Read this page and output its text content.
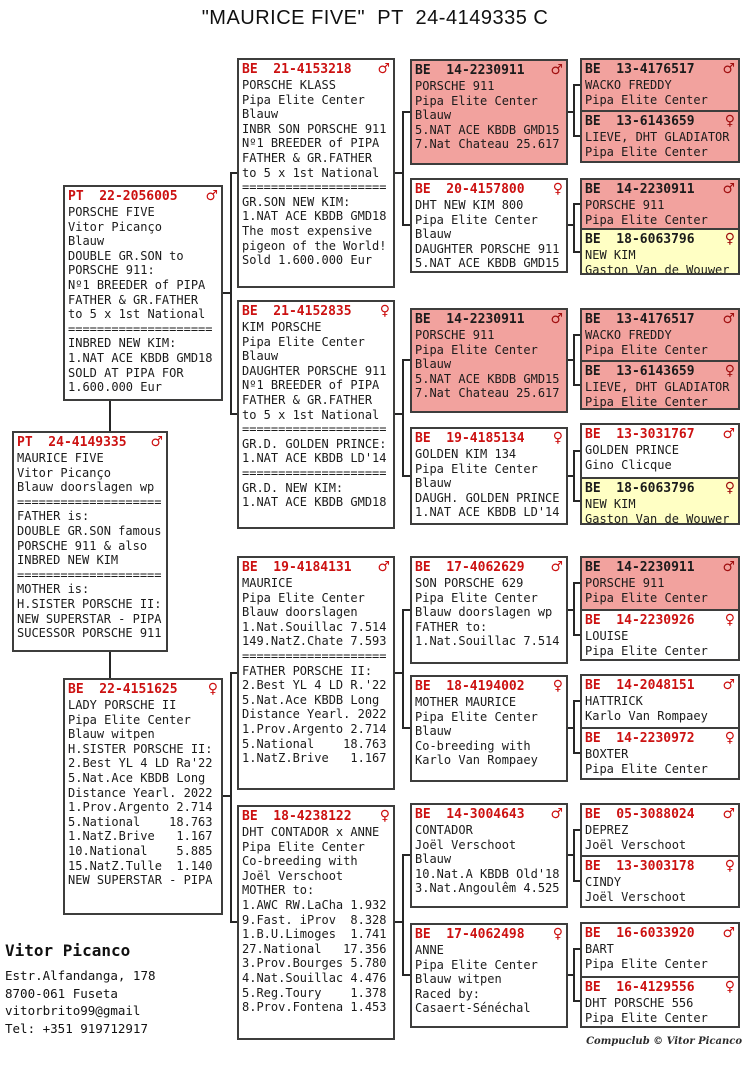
"MAURICE FIVE"  PT  24-4149335 C
PT  22-2056005 ♂
PORSCHE FIVE
Vitor Picanço
Blauw
DOUBLE GR.SON to
PORSCHE 911:
Nº1 BREEDER of PIPA
FATHER & GR.FATHER
to 5 x 1st National
====================
INBRED NEW KIM:
1.NAT ACE KBDB GMD18
SOLD AT PIPA FOR
1.600.000 Eur
PT  24-4149335 ♂
MAURICE FIVE
Vitor Picanço
Blauw doorslagen wp
====================
FATHER is:
DOUBLE GR.SON famous
PORSCHE 911 & also
INBRED NEW KIM
====================
MOTHER is:
H.SISTER PORSCHE II:
NEW SUPERSTAR - PIPA
SUCESSOR PORSCHE 911
BE  22-4151625 ♀
LADY PORSCHE II
Pipa Elite Center
Blauw witpen
H.SISTER PORSCHE II:
2.Best YL 4 LD Ra'22
5.Nat.Ace KBDB Long
Distance Yearl. 2022
1.Prov.Argento 2.714
5.National    18.763
1.NatZ.Brive   1.167
10.National    5.885
15.NatZ.Tulle  1.140
NEW SUPERSTAR - PIPA
BE  21-4153218 ♂
PORSCHE KLASS
Pipa Elite Center
Blauw
INBR SON PORSCHE 911
Nº1 BREEDER of PIPA
FATHER & GR.FATHER
to 5 x 1st National
====================
GR.SON NEW KIM:
1.NAT ACE KBDB GMD18
The most expensive
pigeon of the World!
Sold 1.600.000 Eur
BE  21-4152835 ♀
KIM PORSCHE
Pipa Elite Center
Blauw
DAUGHTER PORSCHE 911
Nº1 BREEDER of PIPA
FATHER & GR.FATHER
to 5 x 1st National
====================
GR.D. GOLDEN PRINCE:
1.NAT ACE KBDB LD'14
====================
GR.D. NEW KIM:
1.NAT ACE KBDB GMD18
BE  19-4184131 ♂
MAURICE
Pipa Elite Center
Blauw doorslagen
1.Nat.Souillac 7.514
149.NatZ.Chate 7.593
====================
FATHER PORSCHE II:
2.Best YL 4 LD R.'22
5.Nat.Ace KBDB Long
Distance Yearl. 2022
1.Prov.Argento 2.714
5.National    18.763
1.NatZ.Brive   1.167
BE  18-4238122 ♀
DHT CONTADOR x ANNE
Pipa Elite Center
Co-breeding with
Joël Verschoot
MOTHER to:
1.AWC RW.LaCha 1.932
9.Fast. iProv  8.328
1.B.U.Limoges  1.741
27.National   17.356
3.Prov.Bourges 5.780
4.Nat.Souillac 4.476
5.Reg.Toury    1.378
8.Prov.Fontena 1.453
BE  14-2230911 ♂
PORSCHE 911
Pipa Elite Center
Blauw
5.NAT ACE KBDB GMD15
7.Nat Chateau 25.617
BE  20-4157800 ♀
DHT NEW KIM 800
Pipa Elite Center
Blauw
DAUGHTER PORSCHE 911
5.NAT ACE KBDB GMD15
BE  14-2230911 ♂
PORSCHE 911
Pipa Elite Center
Blauw
5.NAT ACE KBDB GMD15
7.Nat Chateau 25.617
BE  19-4185134 ♀
GOLDEN KIM 134
Pipa Elite Center
Blauw
DAUGH. GOLDEN PRINCE
1.NAT ACE KBDB LD'14
BE  17-4062629 ♂
SON PORSCHE 629
Pipa Elite Center
Blauw doorslagen wp
FATHER to:
1.Nat.Souillac 7.514
BE  18-4194002 ♀
MOTHER MAURICE
Pipa Elite Center
Blauw
Co-breeding with
Karlo Van Rompaey
BE  14-3004643 ♂
CONTADOR
Joël Verschoot
Blauw
10.Nat.A KBDB Old'18
3.Nat.Angoulêm 4.525
BE  17-4062498 ♀
ANNE
Pipa Elite Center
Blauw witpen
Raced by:
Casaert-Sénéchal
BE  13-4176517 ♂
WACKO FREDDY
Pipa Elite Center
BE  13-6143659 ♀
LIEVE, DHT GLADIATOR
Pipa Elite Center
BE  14-2230911 ♂
PORSCHE 911
Pipa Elite Center
BE  18-6063796 ♀
NEW KIM
Gaston Van de Wouwer
BE  13-4176517 ♂
WACKO FREDDY
Pipa Elite Center
BE  13-6143659 ♀
LIEVE, DHT GLADIATOR
Pipa Elite Center
BE  13-3031767 ♂
GOLDEN PRINCE
Gino Clicque
BE  18-6063796 ♀
NEW KIM
Gaston Van de Wouwer
BE  14-2230911 ♂
PORSCHE 911
Pipa Elite Center
BE  14-2230926 ♀
LOUISE
Pipa Elite Center
BE  14-2048151 ♂
HATTRICK
Karlo Van Rompaey
BE  14-2230972 ♀
BOXTER
Pipa Elite Center
BE  05-3088024 ♂
DEPREZ
Joël Verschoot
BE  13-3003178 ♀
CINDY
Joël Verschoot
BE  16-6033920 ♂
BART
Pipa Elite Center
BE  16-4129556 ♀
DHT PORSCHE 556
Pipa Elite Center
Vitor Picanco
Estr.Alfandanga, 178
8700-061 Fuseta
vitorbrito99@gmail
Tel: +351 919712917
Compuclub © Vitor Picanco
